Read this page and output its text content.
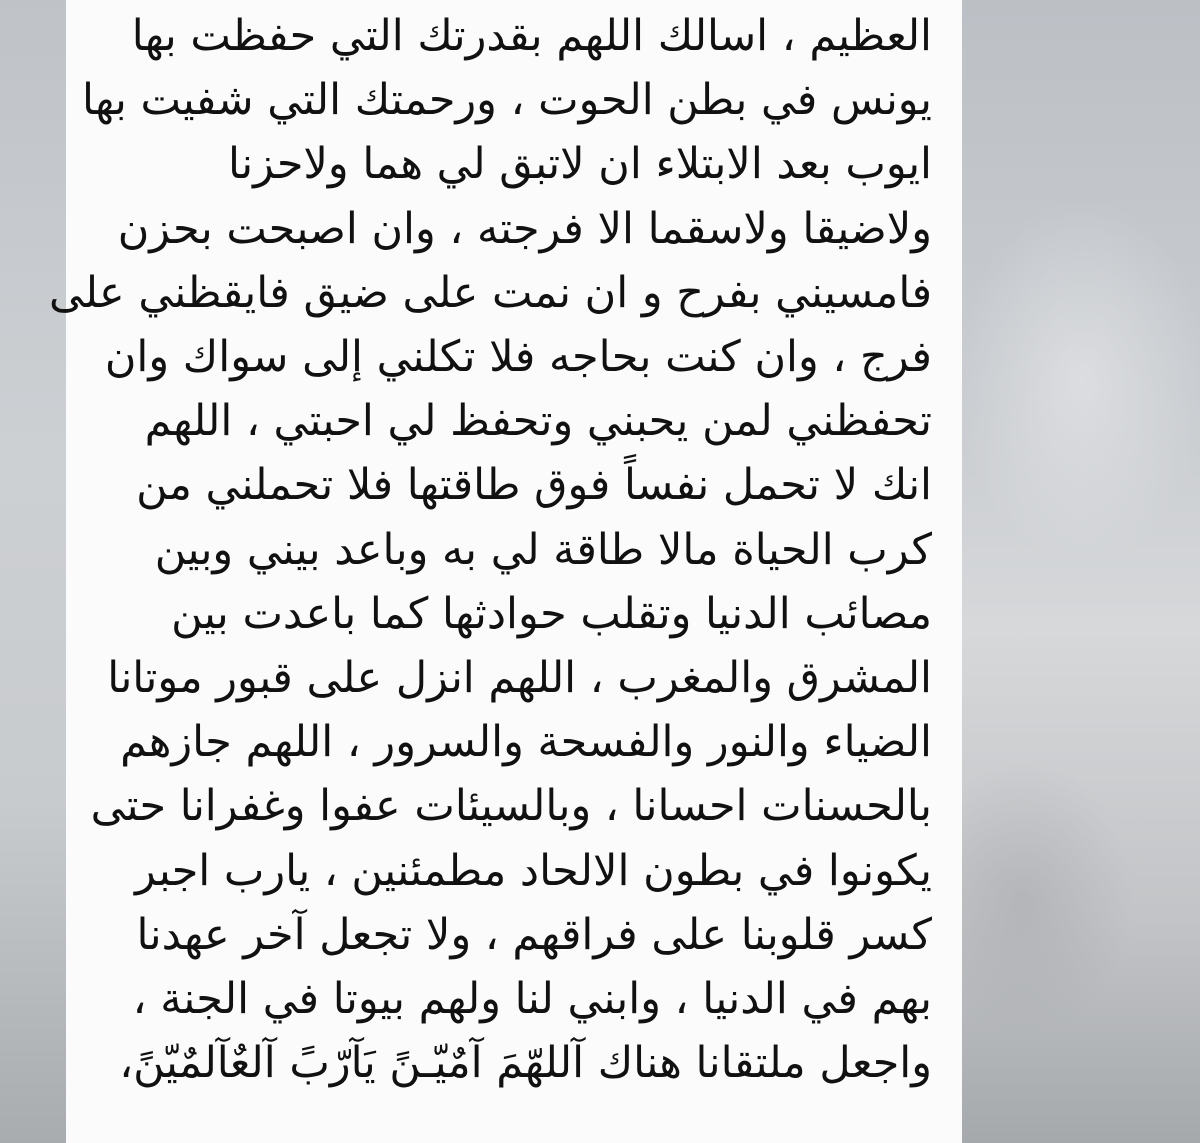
العظيم ، اسالك اللهم بقدرتك التي حفظت بها
يونس في بطن الحوت ، ورحمتك التي شفيت بها
ايوب بعد الابتلاء ان لاتبق لي هما ولاحزنا
ولاضيقا ولاسقما الا فرجته ، وان اصبحت بحزن
فامسيني بفرح و ان نمت على ضيق فايقظني على
فرج ، وان كنت بحاجه فلا تكلني إلى سواك وان
تحفظني لمن يحبني وتحفظ لي احبتي ، اللهم
انك لا تحمل نفساً فوق طاقتها فلا تحملني من
كرب الحياة مالا طاقة لي به وباعد بيني وبين
مصائب الدنيا وتقلب حوادثها كما باعدت بين
المشرق والمغرب ، اللهم انزل على قبور موتانا
الضياء والنور والفسحة والسرور ، اللهم جازهم
بالحسنات احسانا ، وبالسيئات عفوا وغفرانا حتى
يكونوا في بطون الالحاد مطمئنين ، يارب اجبر
كسر قلوبنا على فراقهم ، ولا تجعل آخر عهدنا
بهم في الدنيا ، وابني لنا ولهم بيوتا في الجنة ،
واجعل ملتقانا هناك آللهّمَ آمٌيّـنً يَآرّبً آلعٌآلمٌيّنً،
